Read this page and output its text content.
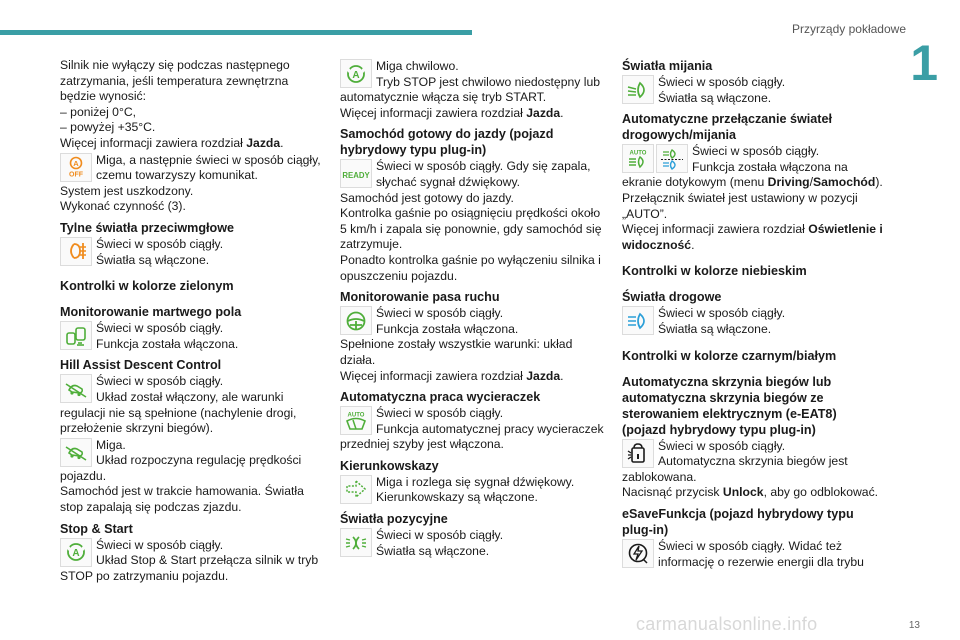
Przyrządy pokładowe
1
Silnik nie wyłączy się podczas następnego
zatrzymania, jeśli temperatura zewnętrzna
będzie wynosić:
– poniżej 0°C,
– powyżej +35°C.
Więcej informacji zawiera rozdział Jazda.
A
OFF
Miga, a następnie świeci w sposób ciągły,
czemu towarzyszy komunikat.
System jest uszkodzony.
Wykonać czynność (3).
Tylne światła przeciwmgłowe
Świeci w sposób ciągły.
Światła są włączone.
Kontrolki w kolorze zielonym
Monitorowanie martwego pola
Świeci w sposób ciągły.
Funkcja została włączona.
Hill Assist Descent Control
Świeci w sposób ciągły.
Układ został włączony, ale warunki
regulacji nie są spełnione (nachylenie drogi,
przełożenie skrzyni biegów).
Miga.
Układ rozpoczyna regulację prędkości
pojazdu.
Samochód jest w trakcie hamowania. Światła
stop zapalają się podczas zjazdu.
Stop & Start
A
Świeci w sposób ciągły.
Układ Stop & Start przełącza silnik w tryb
STOP po zatrzymaniu pojazdu.
A
Miga chwilowo.
Tryb STOP jest chwilowo niedostępny lub
automatycznie włącza się tryb START.
Więcej informacji zawiera rozdział Jazda.
Samochód gotowy do jazdy (pojazd
hybrydowy typu plug-in)
READY
Świeci w sposób ciągły. Gdy się zapala,
słychać sygnał dźwiękowy.
Samochód jest gotowy do jazdy.
Kontrolka gaśnie po osiągnięciu prędkości około
5 km/h i zapala się ponownie, gdy samochód się
zatrzymuje.
Ponadto kontrolka gaśnie po wyłączeniu silnika i
opuszczeniu pojazdu.
Monitorowanie pasa ruchu
Świeci w sposób ciągły.
Funkcja została włączona.
Spełnione zostały wszystkie warunki: układ
działa.
Więcej informacji zawiera rozdział Jazda.
Automatyczna praca wycieraczek
AUTO Świeci w sposób ciągły.
Funkcja automatycznej pracy wycieraczek
przedniej szyby jest włączona.
Kierunkowskazy
Miga i rozlega się sygnał dźwiękowy.
Kierunkowskazy są włączone.
Światła pozycyjne
Świeci w sposób ciągły.
Światła są włączone.
Światła mijania
Świeci w sposób ciągły.
Światła są włączone.
Automatyczne przełączanie świateł
drogowych/mijania
AUTO	Świeci w sposób ciągły.
Funkcja została włączona na
ekranie dotykowym (menu Driving/Samochód).
Przełącznik świateł jest ustawiony w pozycji
„AUTO”.
Więcej informacji zawiera rozdział Oświetlenie i
widoczność.
Kontrolki w kolorze niebieskim
Światła drogowe
Świeci w sposób ciągły.
Światła są włączone.
Kontrolki w kolorze czarnym/białym
Automatyczna skrzynia biegów lub
automatyczna skrzynia biegów ze
sterowaniem elektrycznym (e-EAT8)
(pojazd hybrydowy typu plug-in)
Świeci w sposób ciągły.
Automatyczna skrzynia biegów jest
zablokowana.
Nacisnąć przycisk Unlock, aby go odblokować.
eSaveFunkcja (pojazd hybrydowy typu
plug-in)
Świeci w sposób ciągły. Widać też
informację o rezerwie energii dla trybu
carmanualsonline.info	13
